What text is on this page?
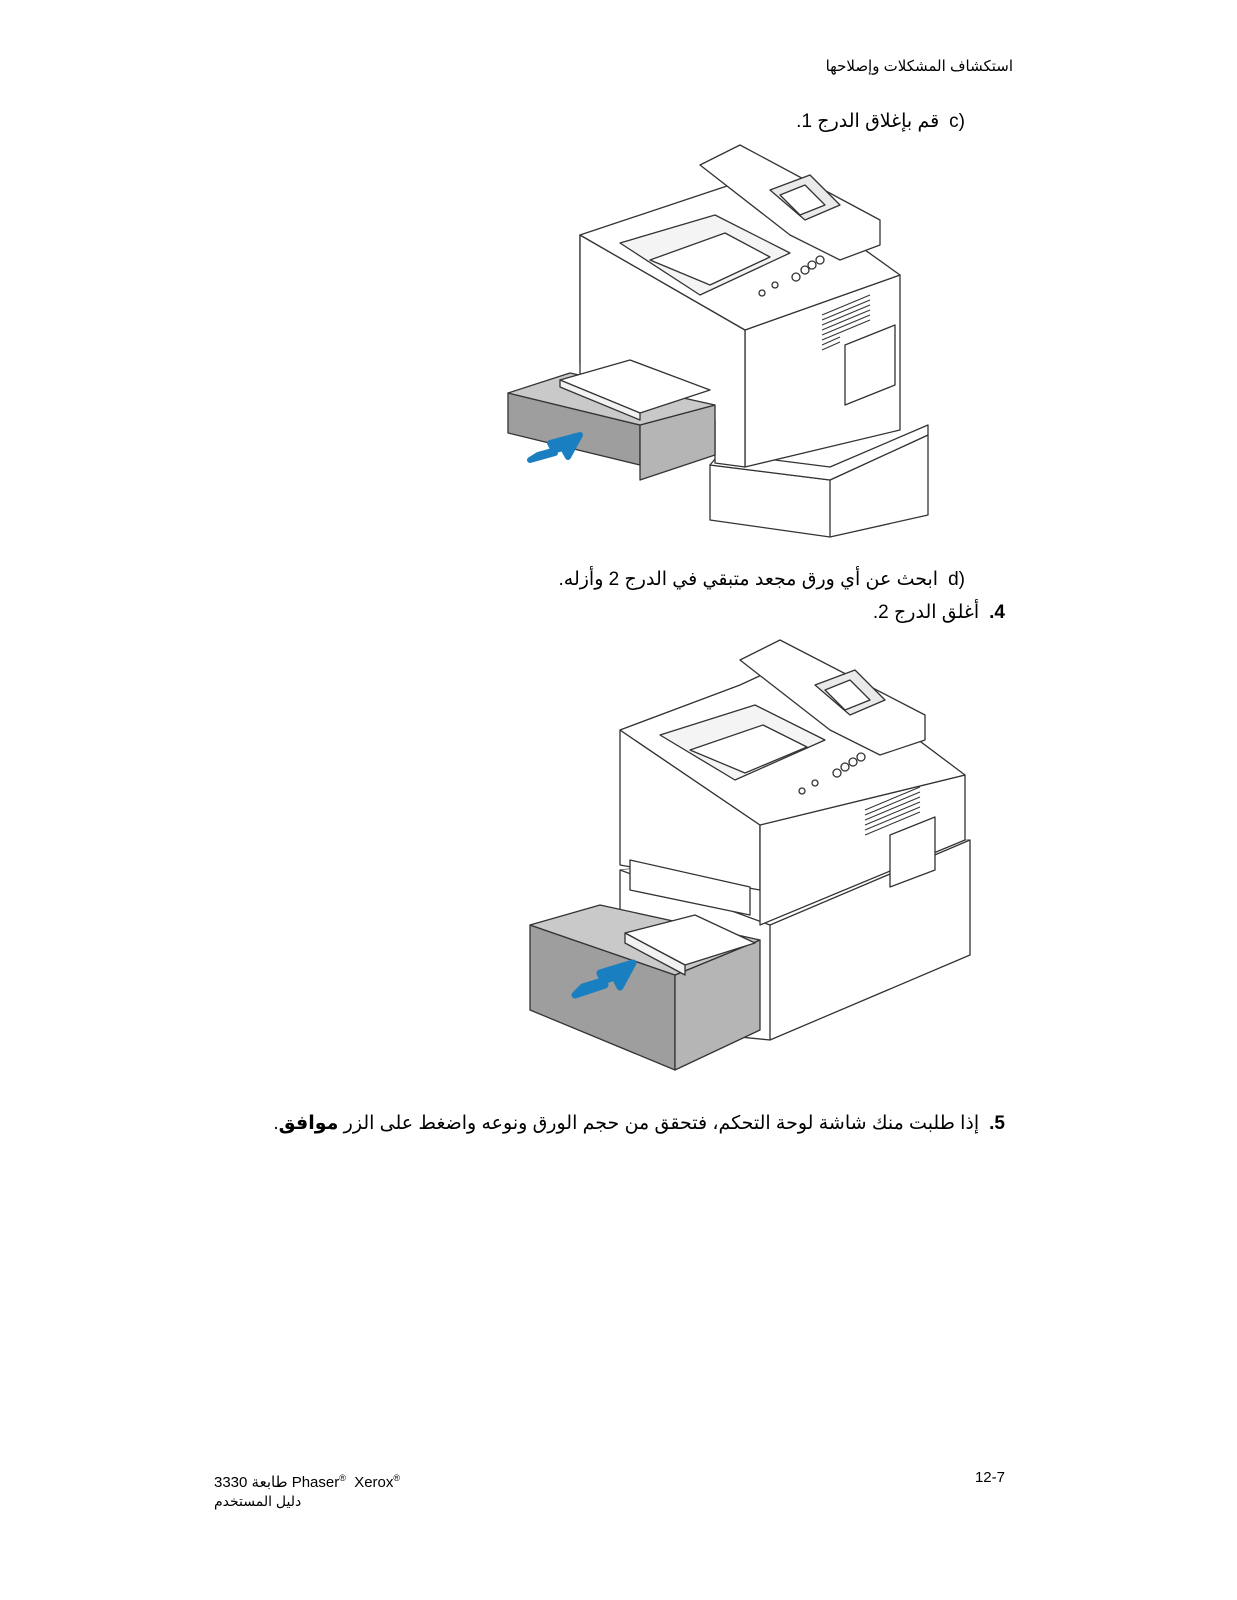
استكشاف المشكلات وإصلاحها
c)قم بإغلاق الدرج 1.
d)ابحث عن أي ورق مجعد متبقي في الدرج 2 وأزله.
4.أغلق الدرج 2.
5.إذا طلبت منك شاشة لوحة التحكم، فتحقق من حجم الورق ونوعه واضغط على الزر موافق.
3330 طابعة Phaser® Xerox®
دليل المستخدم
12-7
